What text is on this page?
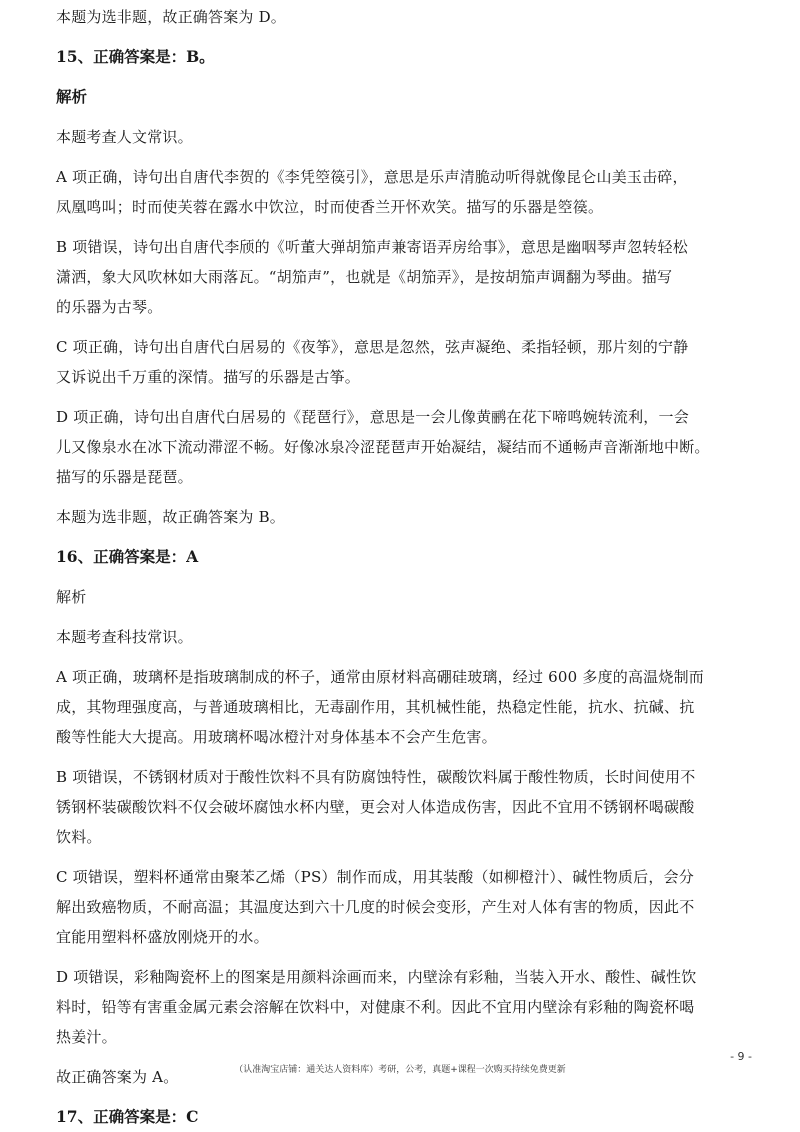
本题为选非题，故正确答案为 D。
15、正确答案是：B。
解析
本题考查人文常识。
A 项正确，诗句出自唐代李贺的《李凭箜篌引》，意思是乐声清脆动听得就像昆仑山美玉击碎，
凤凰鸣叫；时而使芙蓉在露水中饮泣，时而使香兰开怀欢笑。描写的乐器是箜篌。
B 项错误，诗句出自唐代李颀的《听董大弹胡笳声兼寄语弄房给事》，意思是幽咽琴声忽转轻松
潇洒，象大风吹林如大雨落瓦。“胡笳声”，也就是《胡笳弄》，是按胡笳声调翻为琴曲。描写
的乐器为古琴。
C 项正确，诗句出自唐代白居易的《夜筝》，意思是忽然，弦声凝绝、柔指轻顿，那片刻的宁静
又诉说出千万重的深情。描写的乐器是古筝。
D 项正确，诗句出自唐代白居易的《琵琶行》，意思是一会儿像黄鹂在花下啼鸣婉转流利，一会
儿又像泉水在冰下流动滞涩不畅。好像冰泉冷涩琵琶声开始凝结，凝结而不通畅声音渐渐地中断。
描写的乐器是琵琶。
本题为选非题，故正确答案为 B。
16、正确答案是：A
解析
本题考查科技常识。
A 项正确，玻璃杯是指玻璃制成的杯子，通常由原材料高硼硅玻璃，经过 600 多度的高温烧制而
成，其物理强度高，与普通玻璃相比，无毒副作用，其机械性能，热稳定性能，抗水、抗碱、抗
酸等性能大大提高。用玻璃杯喝冰橙汁对身体基本不会产生危害。
B 项错误，不锈钢材质对于酸性饮料不具有防腐蚀特性，碳酸饮料属于酸性物质，长时间使用不
锈钢杯装碳酸饮料不仅会破坏腐蚀水杯内壁，更会对人体造成伤害，因此不宜用不锈钢杯喝碳酸
饮料。
C 项错误，塑料杯通常由聚苯乙烯（PS）制作而成，用其装酸（如柳橙汁）、碱性物质后，会分
解出致癌物质，不耐高温；其温度达到六十几度的时候会变形，产生对人体有害的物质，因此不
宜能用塑料杯盛放刚烧开的水。
D 项错误，彩釉陶瓷杯上的图案是用颜料涂画而来，内壁涂有彩釉，当装入开水、酸性、碱性饮
料时，铅等有害重金属元素会溶解在饮料中，对健康不利。因此不宜用内壁涂有彩釉的陶瓷杯喝
热姜汁。
故正确答案为 A。
17、正确答案是：C
- 9 -
（认准淘宝店铺：通关达人资料库）考研，公考，真题+课程一次购买持续免费更新
